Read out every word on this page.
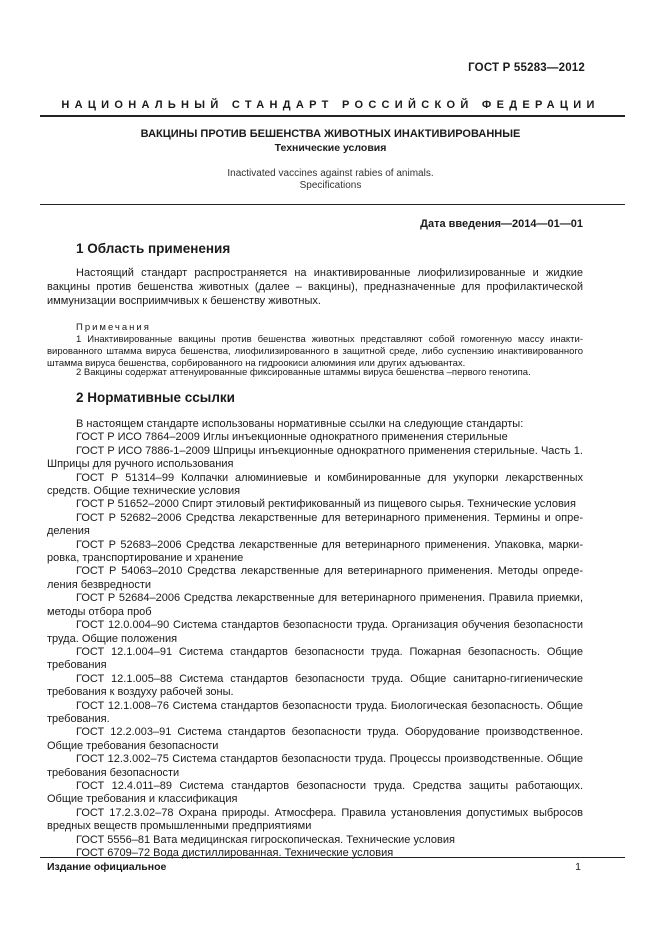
ГОСТ Р 55283—2012
НАЦИОНАЛЬНЫЙ СТАНДАРТ РОССИЙСКОЙ ФЕДЕРАЦИИ
ВАКЦИНЫ ПРОТИВ БЕШЕНСТВА ЖИВОТНЫХ ИНАКТИВИРОВАННЫЕ
Технические условия
Inactivated vaccines against rabies of animals.
Specifications
Дата введения—2014—01—01
1 Область применения
Настоящий стандарт распространяется на инактивированные лиофилизированные и жидкие вакцины против бешенства животных (далее – вакцины), предназначенные для профилактической иммунизации восприимчивых к бешенству животных.
Примечания
1 Инактивированные вакцины против бешенства животных представляют собой гомогенную массу инактивированного штамма вируса бешенства, лиофилизированного в защитной среде, либо суспензию инактивированного штамма вируса бешенства, сорбированного на гидроокиси алюминия или других адъювантах.
2 Вакцины содержат аттенуированные фиксированные штаммы вируса бешенства –первого генотипа.
2 Нормативные ссылки

В настоящем стандарте использованы нормативные ссылки на следующие стандарты:

ГОСТ Р ИСО 7864–2009 Иглы инъекционные однократного применения стерильные

ГОСТ Р ИСО 7886-1–2009 Шприцы инъекционные однократного применения стерильные. Часть 1. Шприцы для ручного использования

ГОСТ Р 51314–99 Колпачки алюминиевые и комбинированные для укупорки лекарственных средств. Общие технические условия

ГОСТ Р 51652–2000 Спирт этиловый ректификованный из пищевого сырья. Технические условия

ГОСТ Р 52682–2006 Средства лекарственные для ветеринарного применения. Термины и определения

ГОСТ Р 52683–2006 Средства лекарственные для ветеринарного применения. Упаковка, маркировка, транспортирование и хранение

ГОСТ Р 54063–2010 Средства лекарственные для ветеринарного применения. Методы определения безвредности

ГОСТ Р 52684–2006 Средства лекарственные для ветеринарного применения. Правила приемки, методы отбора проб

ГОСТ 12.0.004–90 Система стандартов безопасности труда. Организация обучения безопасности труда. Общие положения

ГОСТ 12.1.004–91 Система стандартов безопасности труда. Пожарная безопасность. Общие требования

ГОСТ 12.1.005–88 Система стандартов безопасности труда. Общие санитарно-гигиенические требования к воздуху рабочей зоны.

ГОСТ 12.1.008–76 Система стандартов безопасности труда. Биологическая безопасность. Общие требования.

ГОСТ 12.2.003–91 Система стандартов безопасности труда. Оборудование производственное. Общие требования безопасности

ГОСТ 12.3.002–75 Система стандартов безопасности труда. Процессы производственные. Общие требования безопасности

ГОСТ 12.4.011–89 Система стандартов безопасности труда. Средства защиты работающих. Общие требования и классификация

ГОСТ 17.2.3.02–78 Охрана природы. Атмосфера. Правила установления допустимых выбросов вредных веществ промышленными предприятиями

ГОСТ 5556–81 Вата медицинская гигроскопическая. Технические условия

ГОСТ 6709–72 Вода дистиллированная. Технические условия

Издание официальное	1
